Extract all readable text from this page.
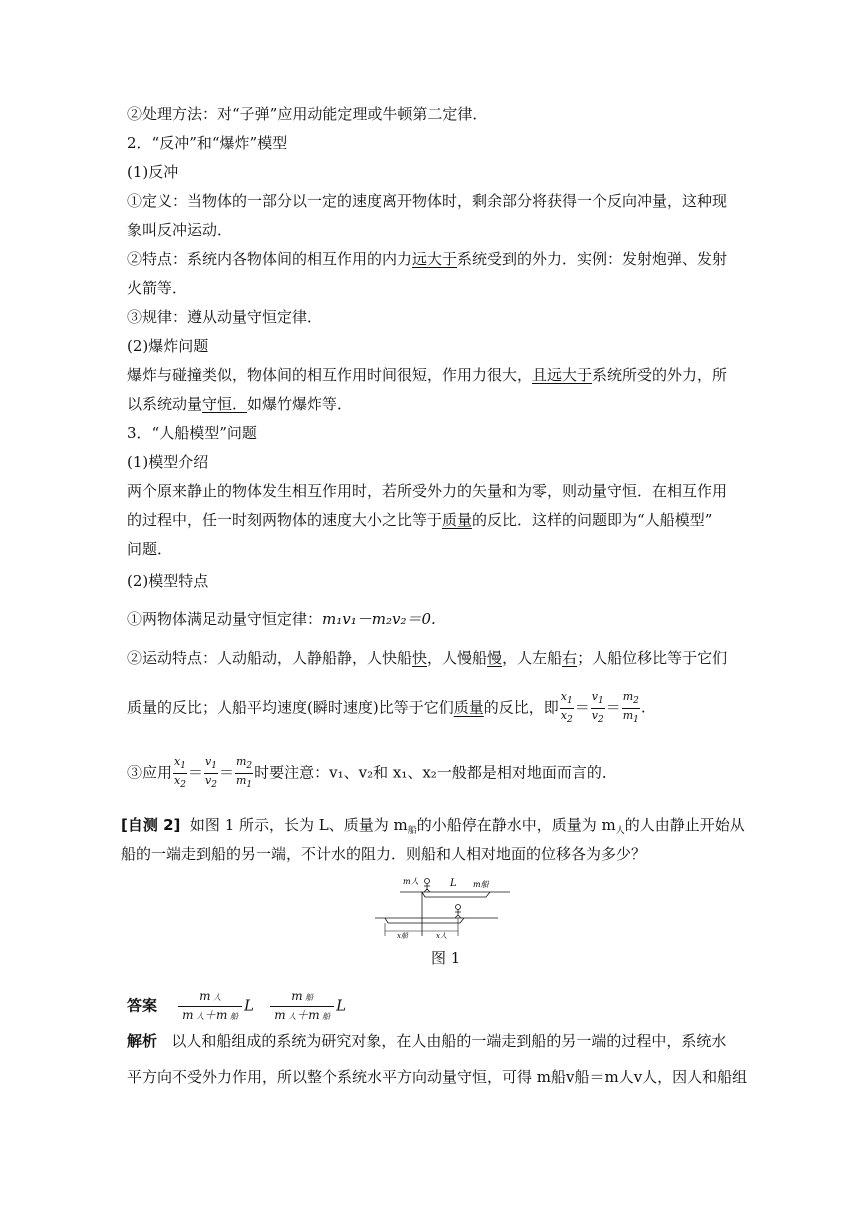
②处理方法：对“子弹”应用动能定理或牛顿第二定律．
2．“反冲”和“爆炸”模型
(1)反冲
①定义：当物体的一部分以一定的速度离开物体时，剩余部分将获得一个反向冲量，这种现
象叫反冲运动．
②特点：系统内各物体间的相互作用的内力远大于系统受到的外力．实例：发射炮弹、发射
火箭等．
③规律：遵从动量守恒定律．
(2)爆炸问题
爆炸与碰撞类似，物体间的相互作用时间很短，作用力很大，且远大于系统所受的外力，所
以系统动量守恒．如爆竹爆炸等．
3．“人船模型”问题
(1)模型介绍
两个原来静止的物体发生相互作用时，若所受外力的矢量和为零，则动量守恒．在相互作用
的过程中，任一时刻两物体的速度大小之比等于质量的反比．这样的问题即为“人船模型”
问题．
(2)模型特点
①两物体满足动量守恒定律：m₁v₁－m₂v₂＝0.
②运动特点：人动船动，人静船静，人快船快，人慢船慢，人左船右；人船位移比等于它们
质量的反比；人船平均速度(瞬时速度)比等于它们质量的反比，即 $\frac{x_1}{x_2} = \frac{v_1}{v_2} = \frac{m_2}{m_1}$ .
③应用 $\frac{x_1}{x_2} = \frac{v_1}{v_2} = \frac{m_2}{m_1}$ 时要注意：v₁、v₂和 x₁、x₂一般都是相对地面而言的．
[自测 2] 如图 1 所示，长为 L、质量为 $m_船$的小船停在静水中，质量为 $m_人$的人由静止开始从
船的一端走到船的另一端，不计水的阻力．则船和人相对地面的位移各为多少？
m人	L m船
x船	x人
图 1
答案 $\frac{\text{m 人}}{\text{m 人＋m 船}}$ L $\frac{\text{m 船}}{\text{m 人＋m 船}}$ L
解析 以人和船组成的系统为研究对象，在人由船的一端走到船的另一端的过程中，系统水
平方向不受外力作用，所以整个系统水平方向动量守恒，可得 m船v船＝m人v人，因人和船组
